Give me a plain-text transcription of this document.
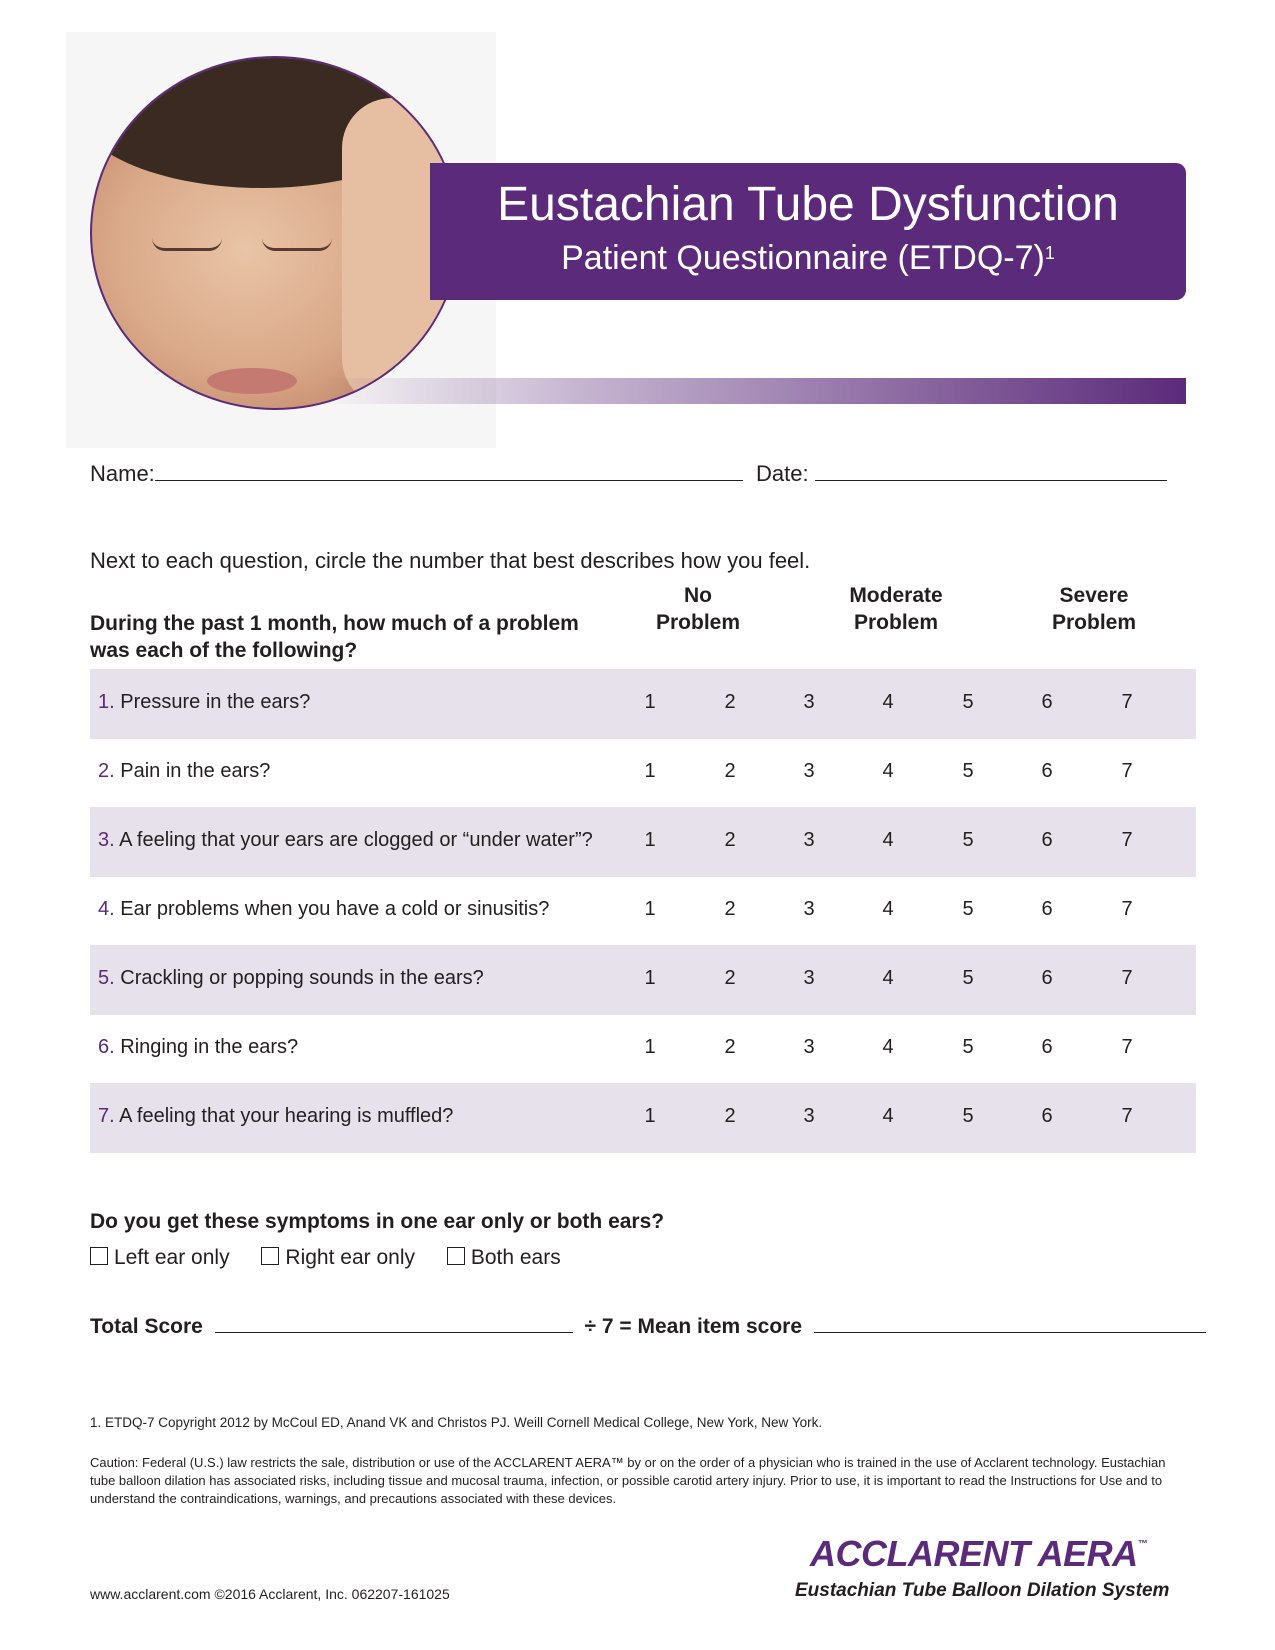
Eustachian Tube Dysfunction
Patient Questionnaire (ETDQ-7)$^1$
Name:	Date:
Next to each question, circle the number that best describes how you feel.
During the past 1 month, how much of a problem
was each of the following?
No
Problem
Moderate
Problem
Severe
Problem
1. Pressure in the ears?	1	2	3	4	5	6	7
2. Pain in the ears?	1	2	3	4	5	6	7
3. A feeling that your ears are clogged or “under water”?	1	2	3	4	5	6	7
4. Ear problems when you have a cold or sinusitis?	1	2	3	4	5	6	7
5. Crackling or popping sounds in the ears?	1	2	3	4	5	6	7
6. Ringing in the ears?	1	2	3	4	5	6	7
7. A feeling that your hearing is muffled?	1	2	3	4	5	6	7
Do you get these symptoms in one ear only or both ears?
Left ear only	Right ear only	Both ears
Total Score	÷ 7 = Mean item score
1. ETDQ-7 Copyright 2012 by McCoul ED, Anand VK and Christos PJ. Weill Cornell Medical College, New York, New York.
Caution: Federal (U.S.) law restricts the sale, distribution or use of the ACCLARENT AERA™ by or on the order of a physician who is trained in the use of Acclarent technology. Eustachian tube balloon dilation has associated risks, including tissue and mucosal trauma, infection, or possible carotid artery injury. Prior to use, it is important to read the Instructions for Use and to understand the contraindications, warnings, and precautions associated with these devices.
www.acclarent.com ©2016 Acclarent, Inc. 062207-161025
ACCLARENT AERA™
Eustachian Tube Balloon Dilation System
